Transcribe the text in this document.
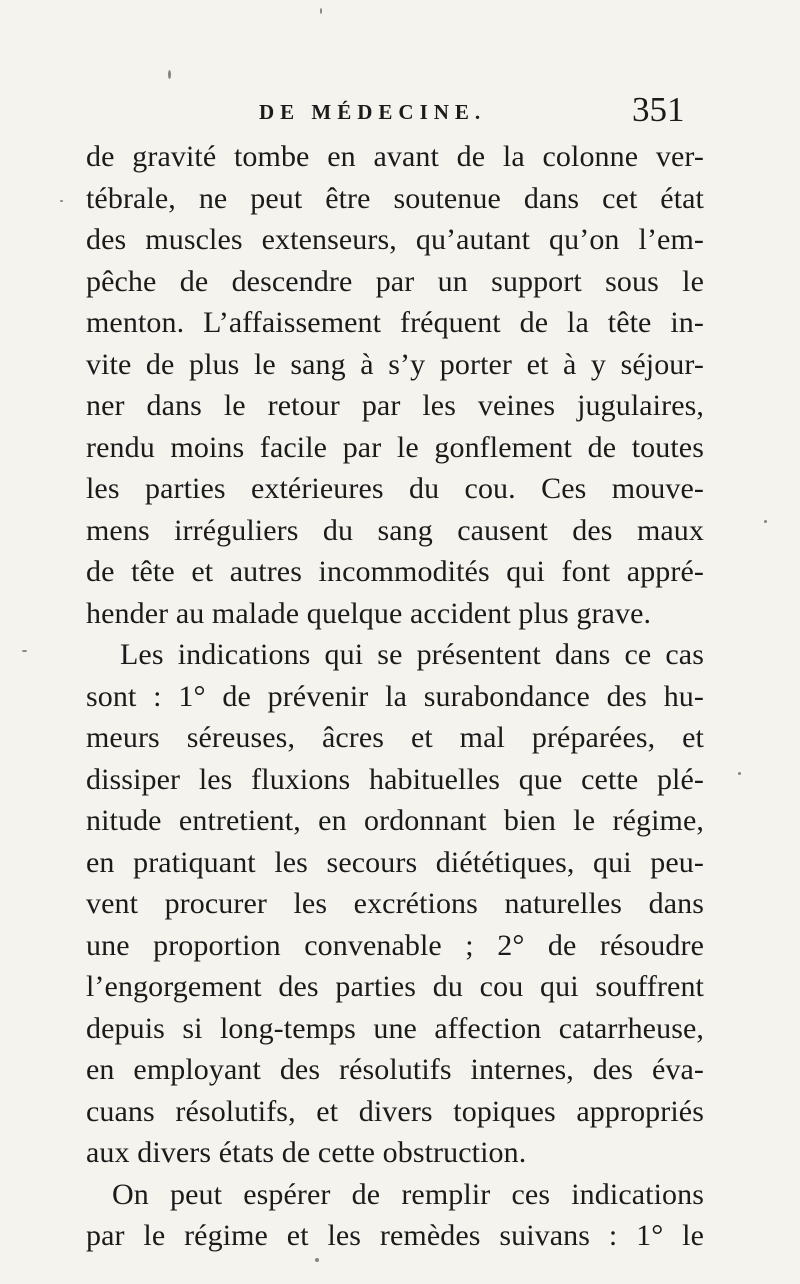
DE MÉDECINE.	351
de gravité tombe en avant de la colonne ver-
tébrale, ne peut être soutenue dans cet état
des muscles extenseurs, qu’autant qu’on l’em-
pêche de descendre par un support sous le
menton. L’affaissement fréquent de la tête in-
vite de plus le sang à s’y porter et à y séjour-
ner dans le retour par les veines jugulaires,
rendu moins facile par le gonflement de toutes
les parties extérieures du cou. Ces mouve-
mens irréguliers du sang causent des maux
de tête et autres incommodités qui font appré-
hender au malade quelque accident plus grave.
Les indications qui se présentent dans ce cas
sont : 1° de prévenir la surabondance des hu-
meurs séreuses, âcres et mal préparées, et
dissiper les fluxions habituelles que cette plé-
nitude entretient, en ordonnant bien le régime,
en pratiquant les secours diététiques, qui peu-
vent procurer les excrétions naturelles dans
une proportion convenable ; 2° de résoudre
l’engorgement des parties du cou qui souffrent
depuis si long-temps une affection catarrheuse,
en employant des résolutifs internes, des éva-
cuans résolutifs, et divers topiques appropriés
aux divers états de cette obstruction.
On peut espérer de remplir ces indications
par le régime et les remèdes suivans : 1° le
